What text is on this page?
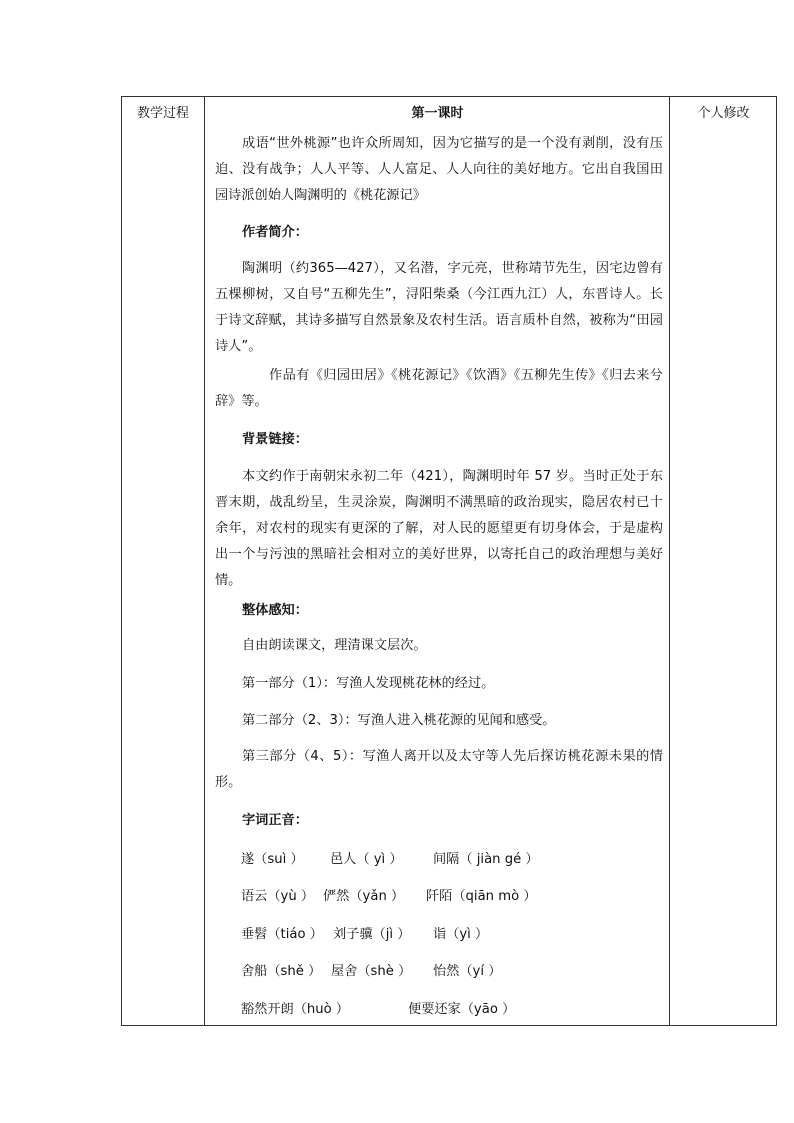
教学过程	个人修改
第一课时
成语“世外桃源”也许众所周知，因为它描写的是一个没有剥削，没有压迫、没有战争；人人平等、人人富足、人人向往的美好地方。它出自我国田园诗派创始人陶渊明的《桃花源记》
作者简介：
陶渊明（约365—427），又名潜，字元亮，世称靖节先生，因宅边曾有五棵柳树，又自号“五柳先生”，浔阳柴桑（今江西九江）人，东晋诗人。长于诗文辞赋，其诗多描写自然景象及农村生活。语言质朴自然，被称为“田园诗人”。
作品有《归园田居》《桃花源记》《饮酒》《五柳先生传》《归去来兮辞》等。
背景链接：
本文约作于南朝宋永初二年（421），陶渊明时年 57 岁。当时正处于东晋末期，战乱纷呈，生灵涂炭，陶渊明不满黑暗的政治现实，隐居农村已十余年，对农村的现实有更深的了解，对人民的愿望更有切身体会，于是虚构出一个与污浊的黑暗社会相对立的美好世界，以寄托自己的政治理想与美好情。
整体感知：
自由朗读课文，理清课文层次。
第一部分（1）：写渔人发现桃花林的经过。
第二部分（2、3）：写渔人进入桃花源的见闻和感受。
第三部分（4、5）：写渔人离开以及太守等人先后探访桃花源未果的情形。
字词正音：
遂（suì ） 邑人（ yì ） 间隔（ jiàn gé ）
语云（yù ） 俨然（yǎn ） 阡陌（qiān mò ）
垂髫（tiáo ） 刘子骥（jì ） 诣（yì ）
舍船（shě ） 屋舍（shè ） 怡然（yí ）
豁然开朗（huò ）	便要还家（yāo ）
